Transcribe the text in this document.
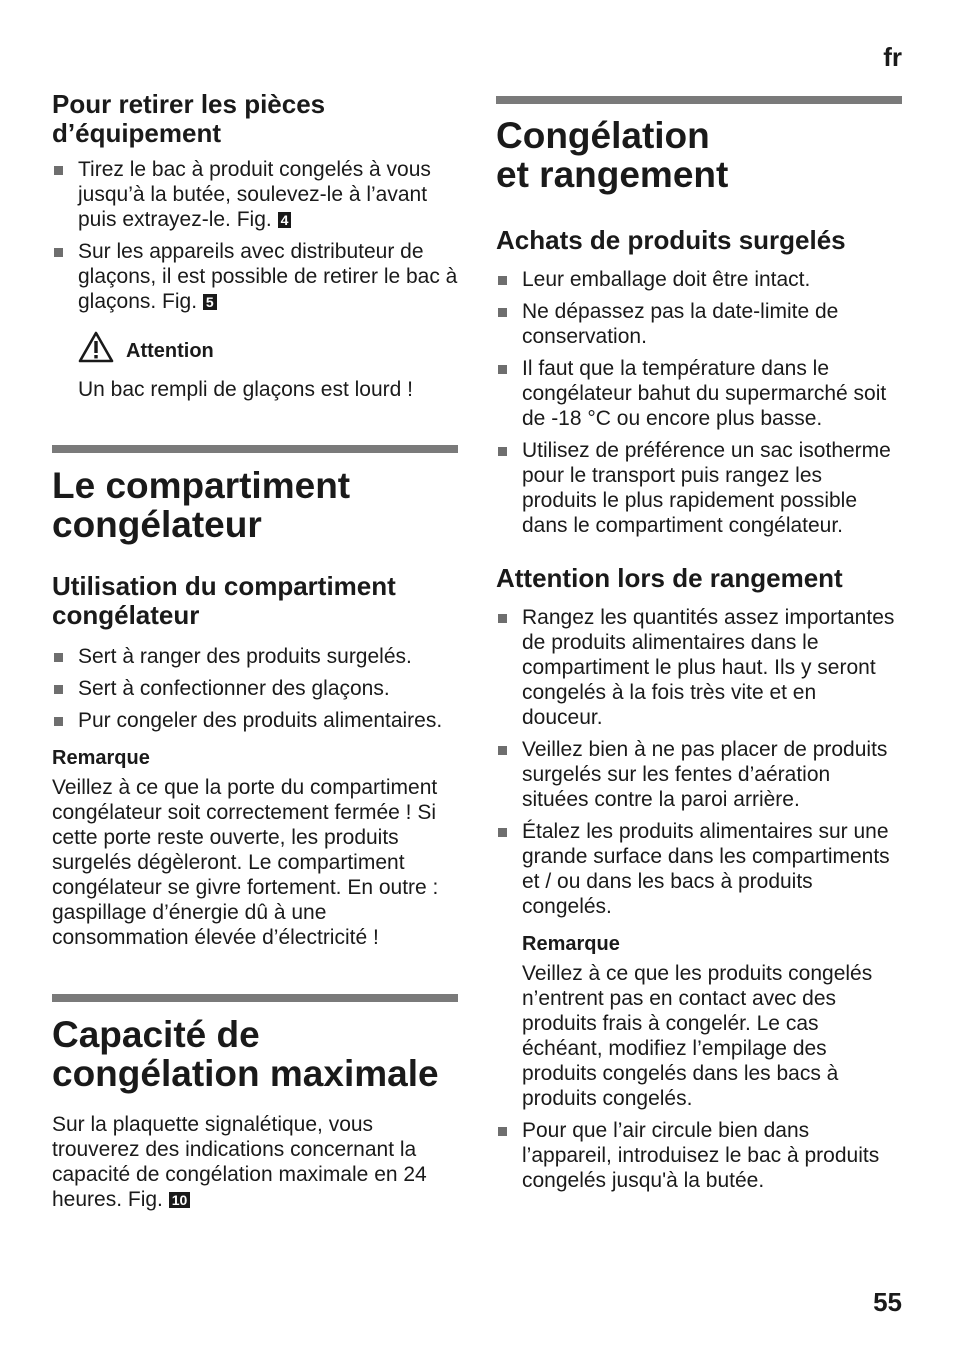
fr
Pour retirer les pièces
d’équipement
Tirez le bac à produit congelés à vous jusqu’à la butée, soulevez-le à l’avant puis extrayez-le. Fig. 4
Sur les appareils avec distributeur de glaçons, il est possible de retirer le bac à glaçons. Fig. 5
Attention

Un bac rempli de glaçons est lourd !

Le compartiment
congélateur
Utilisation du compartiment
congélateur
Sert à ranger des produits surgelés.
Sert à confectionner des glaçons.
Pur congeler des produits alimentaires.
Remarque

Veillez à ce que la porte du compartiment congélateur soit correctement fermée ! Si cette porte reste ouverte, les produits surgelés dégèleront. Le compartiment congélateur se givre fortement. En outre : gaspillage d’énergie dû à une consommation élevée d’électricité !

Capacité de
congélation maximale

Sur la plaquette signalétique, vous trouverez des indications concernant la capacité de congélation maximale en 24 heures. Fig. 10

Congélation
et rangement
Achats de produits surgelés
Leur emballage doit être intact.
Ne dépassez pas la date-limite de conservation.
Il faut que la température dans le congélateur bahut du supermarché soit de -18 °C ou encore plus basse.
Utilisez de préférence un sac isotherme pour le transport puis rangez les produits le plus rapidement possible dans le compartiment congélateur.
Attention lors de rangement
Rangez les quantités assez importantes de produits alimentaires dans le compartiment le plus haut. Ils y seront congelés à la fois très vite et en douceur.
Veillez bien à ne pas placer de produits surgelés sur les fentes d’aération situées contre la paroi arrière.
Étalez les produits alimentaires sur une grande surface dans les compartiments et / ou dans les bacs à produits congelés.
Remarque

Veillez à ce que les produits congelés n’entrent pas en contact avec des produits frais à congelér. Le cas échéant, modifiez l’empilage des produits congelés dans les bacs à produits congelés.

Pour que l’air circule bien dans l’appareil, introduisez le bac à produits congelés jusqu'à la butée.
55
